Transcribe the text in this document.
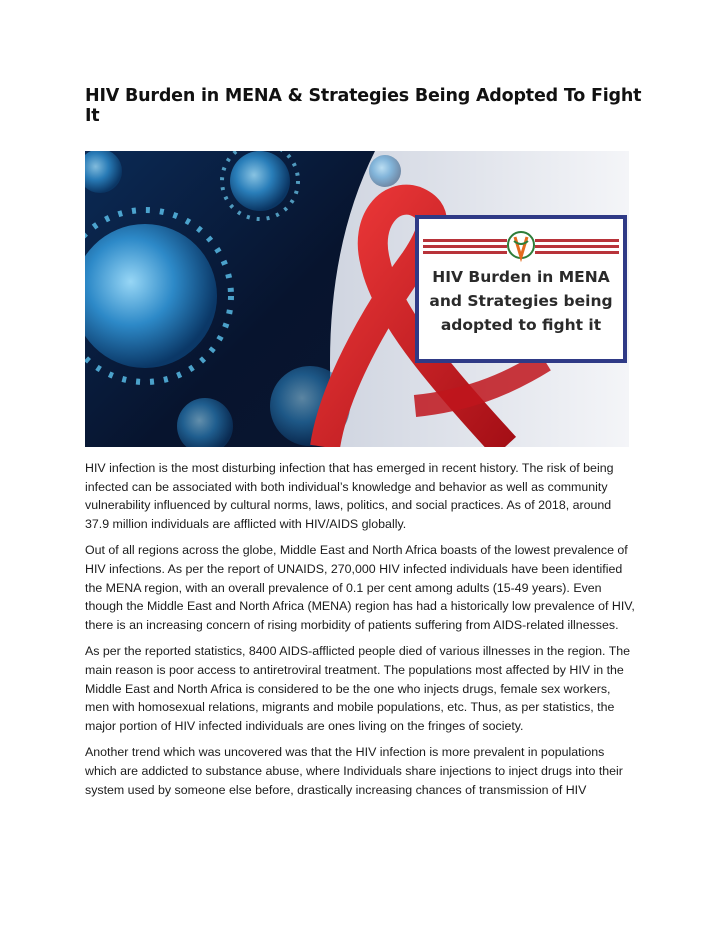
HIV Burden in MENA & Strategies Being Adopted To Fight It
HIV Burden in MENA
and Strategies being
adopted to fight it

HIV infection is the most disturbing infection that has emerged in recent history. The risk of being infected can be associated with both individual’s knowledge and behavior as well as community vulnerability influenced by cultural norms, laws, politics, and social practices. As of 2018, around 37.9 million individuals are afflicted with HIV/AIDS globally.

Out of all regions across the globe, Middle East and North Africa boasts of the lowest prevalence of HIV infections. As per the report of UNAIDS, 270,000 HIV infected individuals have been identified the MENA region, with an overall prevalence of 0.1 per cent among adults (15-49 years). Even though the Middle East and North Africa (MENA) region has had a historically low prevalence of HIV, there is an increasing concern of rising morbidity of patients suffering from AIDS-related illnesses.

As per the reported statistics, 8400 AIDS-afflicted people died of various illnesses in the region. The main reason is poor access to antiretroviral treatment. The populations most affected by HIV in the Middle East and North Africa is considered to be the one who injects drugs, female sex workers, men with homosexual relations, migrants and mobile populations, etc. Thus, as per statistics, the major portion of HIV infected individuals are ones living on the fringes of society.

Another trend which was uncovered was that the HIV infection is more prevalent in populations which are addicted to substance abuse, where Individuals share injections to inject drugs into their system used by someone else before, drastically increasing chances of transmission of HIV
